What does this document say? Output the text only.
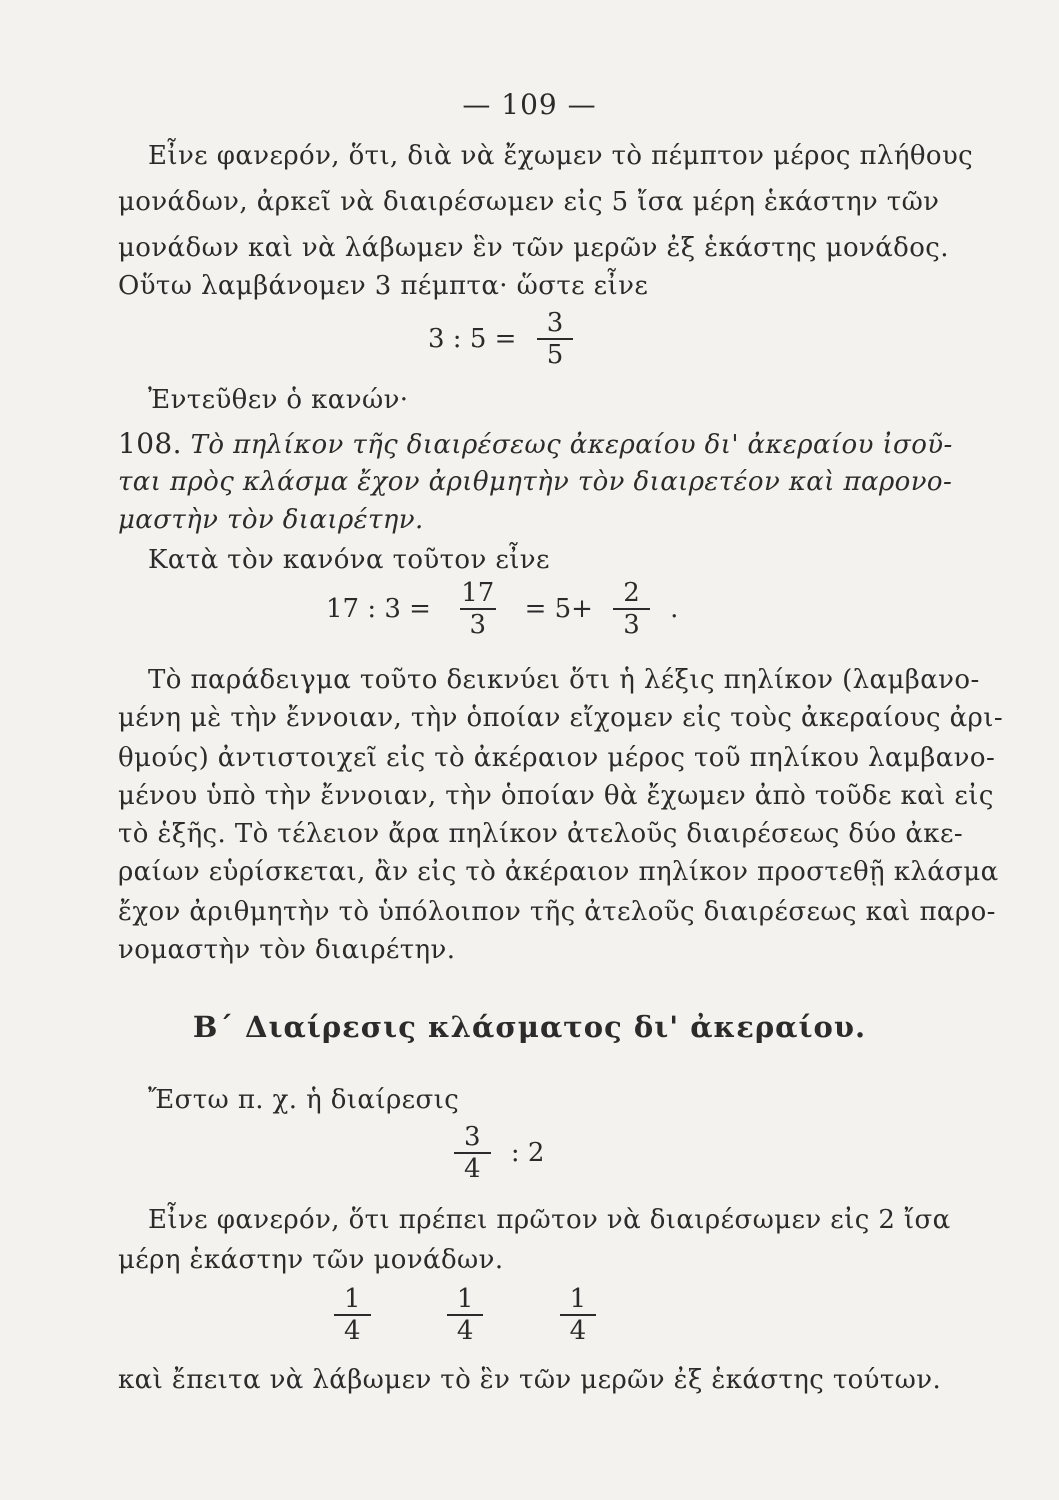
— 109 —
Εἶνε φανερόν, ὅτι, διὰ νὰ ἔχωμεν τὸ πέμπτον μέρος πλήθους
μονάδων, ἀρκεῖ νὰ διαιρέσωμεν εἰς 5 ἴσα μέρη ἑκάστην τῶν
μονάδων καὶ νὰ λάβωμεν ἓν τῶν μερῶν ἐξ ἑκάστης μονάδος.
Οὕτω λαμβάνομεν 3 πέμπτα· ὥστε εἶνε
3 : $5 = \frac{3}{5}$
Ἐντεῦθεν ὁ κανών·
108. Τὸ πηλίκον τῆς διαιρέσεως ἀκεραίου δι' ἀκεραίου ἰσοῦ-
ται πρὸς κλάσμα ἔχον ἀριθμητὴν τὸν διαιρετέον καὶ παρονο-
μαστὴν τὸν διαιρέτην.
Κατὰ τὸν κανόνα τοῦτον εἶνε
17 : $3 = \frac{17}{3} = 5+ \frac{2}{3}$ .
Τὸ παράδειγμα τοῦτο δεικνύει ὅτι ἡ λέξις πηλίκον (λαμβανο-
μένη μὲ τὴν ἔννοιαν, τὴν ὁποίαν εἴχομεν εἰς τοὺς ἀκεραίους ἀρι-
θμούς) ἀντιστοιχεῖ εἰς τὸ ἀκέραιον μέρος τοῦ πηλίκου λαμβανο-
μένου ὑπὸ τὴν ἔννοιαν, τὴν ὁποίαν θὰ ἔχωμεν ἀπὸ τοῦδε καὶ εἰς
τὸ ἑξῆς. Τὸ τέλειον ἄρα πηλίκον ἀτελοῦς διαιρέσεως δύο ἀκε-
ραίων εὑρίσκεται, ἂν εἰς τὸ ἀκέραιον πηλίκον προστεθῇ κλάσμα
ἔχον ἀριθμητὴν τὸ ὑπόλοιπον τῆς ἀτελοῦς διαιρέσεως καὶ παρο-
νομαστὴν τὸν διαιρέτην.
Β΄ Διαίρεσις κλάσματος δι' ἀκεραίου.
Ἔστω π. χ. ἡ διαίρεσις
$\frac{3}{4}$ : 2
Εἶνε φανερόν, ὅτι πρέπει πρῶτον νὰ διαιρέσωμεν εἰς 2 ἴσα
μέρη ἑκάστην τῶν μονάδων.
$\frac{1}{4}$
	$\frac{1}{4}$
	$\frac{1}{4}$
καὶ ἔπειτα νὰ λάβωμεν τὸ ἓν τῶν μερῶν ἐξ ἑκάστης τούτων.
